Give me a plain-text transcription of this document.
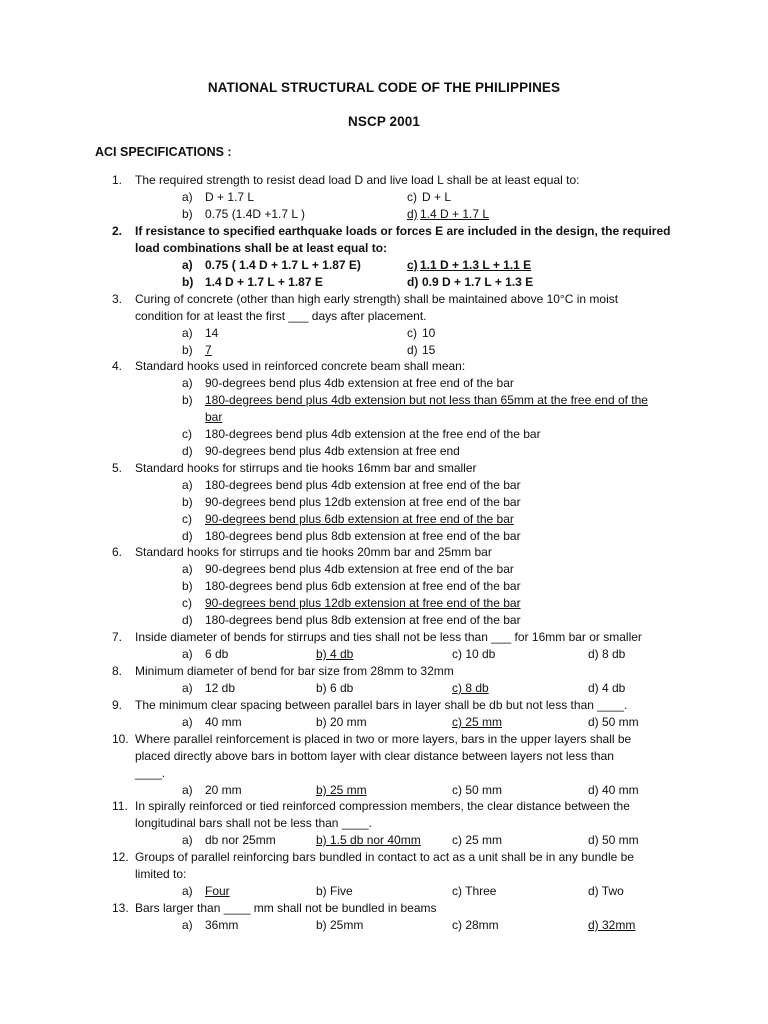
NATIONAL STRUCTURAL CODE OF THE PHILIPPINES
NSCP 2001
ACI SPECIFICATIONS :
1.	The required strength to resist dead load D and live load L shall be at least equal to:
a) D + 1.7 L	c) D + L
b) 0.75 (1.4D +1.7 L )	d) 1.4 D + 1.7 L
2.	If resistance to specified earthquake loads or forces E are included in the design, the required
load combinations shall be at least equal to:
a) 0.75 ( 1.4 D + 1.7 L + 1.87 E)	c) 1.1 D + 1.3 L + 1.1 E
b) 1.4 D + 1.7 L + 1.87 E	d) 0.9 D + 1.7 L + 1.3 E
3.	Curing of concrete (other than high early strength) shall be maintained above 10°C in moist
condition for at least the first ___ days after placement.
a) 14	c) 10
b) 7	d) 15
4.	Standard hooks used in reinforced concrete beam shall mean:
a) 90-degrees bend plus 4db extension at free end of the bar
b) 180-degrees bend plus 4db extension but not less than 65mm at the free end of the
bar
c) 180-degrees bend plus 4db extension at the free end of the bar
d) 90-degrees bend plus 4db extension at free end
5.	Standard hooks for stirrups and tie hooks 16mm bar and smaller
a) 180-degrees bend plus 4db extension at free end of the bar
b) 90-degrees bend plus 12db extension at free end of the bar
c) 90-degrees bend plus 6db extension at free end of the bar
d) 180-degrees bend plus 8db extension at free end of the bar
6.	Standard hooks for stirrups and tie hooks 20mm bar and 25mm bar
a) 90-degrees bend plus 4db extension at free end of the bar
b) 180-degrees bend plus 6db extension at free end of the bar
c) 90-degrees bend plus 12db extension at free end of the bar
d) 180-degrees bend plus 8db extension at free end of the bar
7.	Inside diameter of bends for stirrups and ties shall not be less than ___ for 16mm bar or smaller
a) 6 db	b) 4 db	c) 10 db	d) 8 db
8.	Minimum diameter of bend for bar size from 28mm to 32mm
a) 12 db	b) 6 db	c) 8 db	d) 4 db
9.	The minimum clear spacing between parallel bars in layer shall be db but not less than ____.
a) 40 mm	b) 20 mm	c) 25 mm	d) 50 mm
10. Where parallel reinforcement is placed in two or more layers, bars in the upper layers shall be
placed directly above bars in bottom layer with clear distance between layers not less than
____.
a) 20 mm	b) 25 mm	c) 50 mm	d) 40 mm
11. In spirally reinforced or tied reinforced compression members, the clear distance between the
longitudinal bars shall not be less than ____.
a) db nor 25mm	b) 1.5 db nor 40mm	c) 25 mm	d) 50 mm
12. Groups of parallel reinforcing bars bundled in contact to act as a unit shall be in any bundle be
limited to:
a) Four	b) Five	c) Three	d) Two
13. Bars larger than ____ mm shall not be bundled in beams
a) 36mm	b) 25mm	c) 28mm	d) 32mm
